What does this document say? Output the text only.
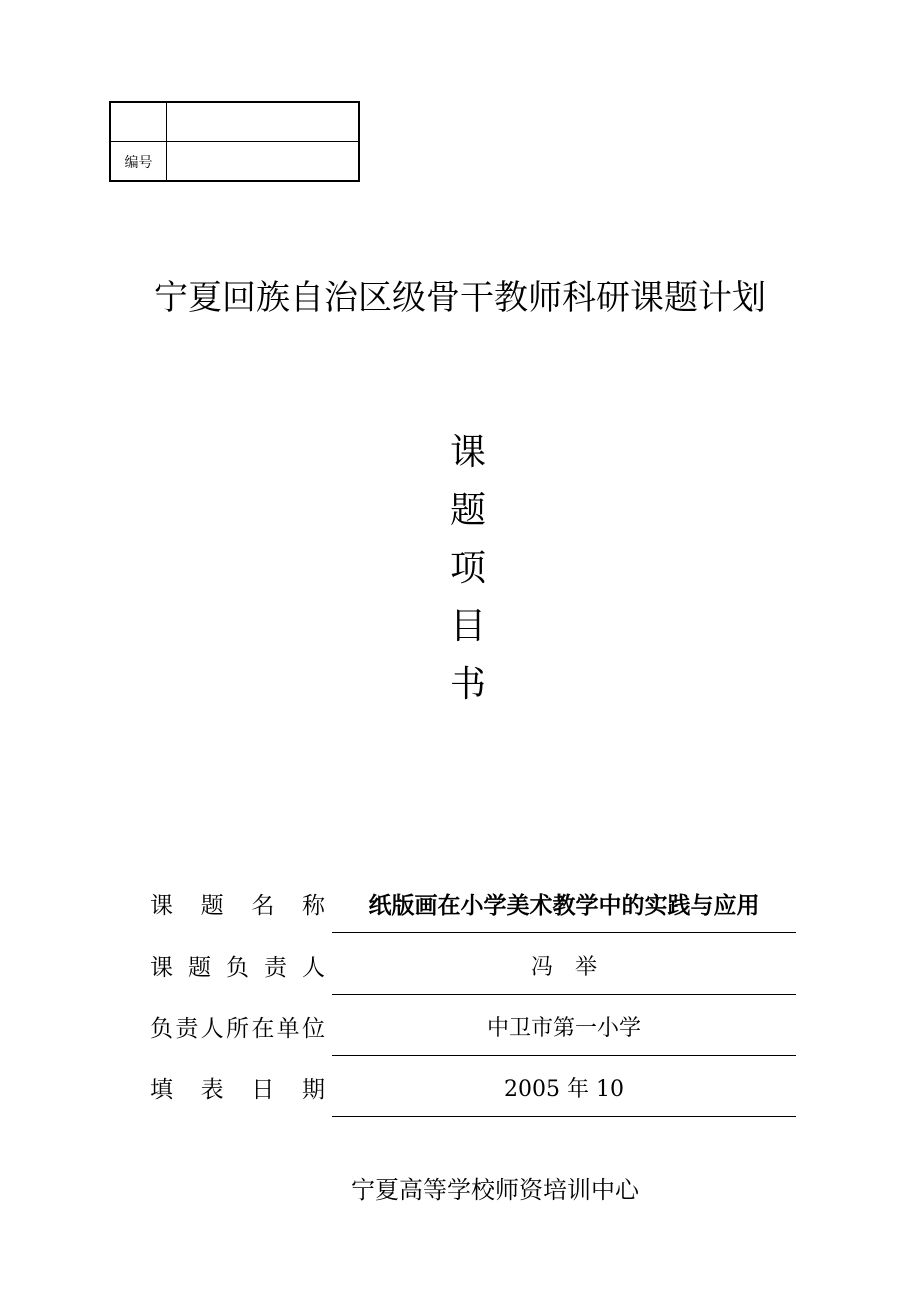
编号
宁夏回族自治区级骨干教师科研课题计划
课
题
项
目
书
课 题 名 称	纸版画在小学美术教学中的实践与应用
课题负责人	冯　举
负责人所在单位	中卫市第一小学
填 表 日 期	2005 年 10
宁夏高等学校师资培训中心
